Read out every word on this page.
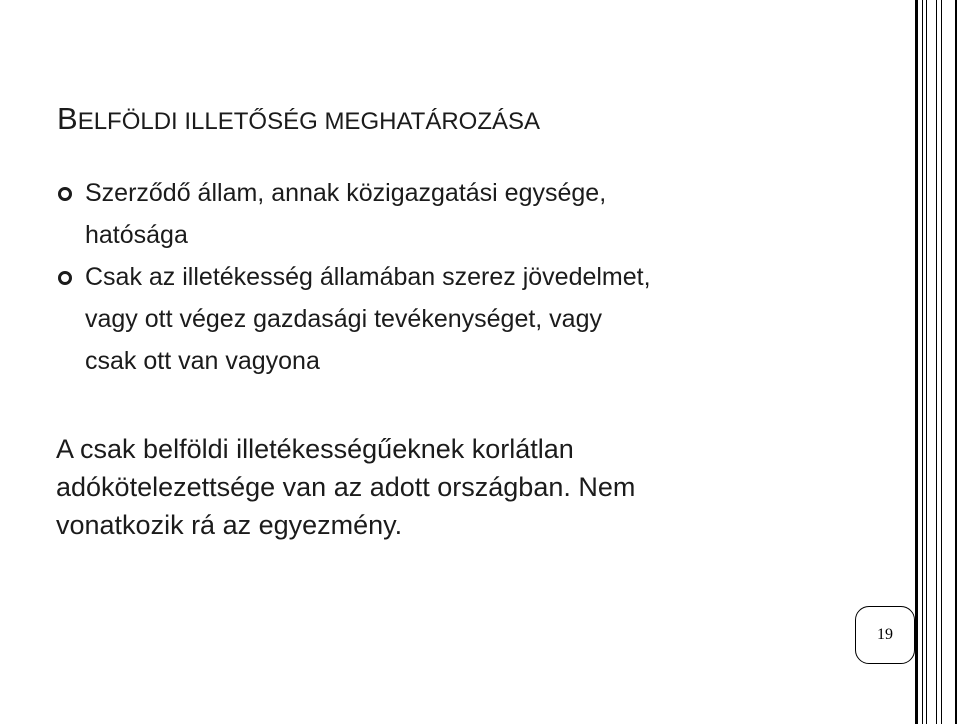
BELFÖLDI ILLETŐSÉG MEGHATÁROZÁSA
Szerződő állam, annak közigazgatási egysége,
hatósága
Csak az illetékesség államában szerez jövedelmet,
vagy ott végez gazdasági tevékenységet, vagy
csak ott van vagyona
A csak belföldi illetékességűeknek korlátlan
adókötelezettsége van az adott országban. Nem
vonatkozik rá az egyezmény.
19
